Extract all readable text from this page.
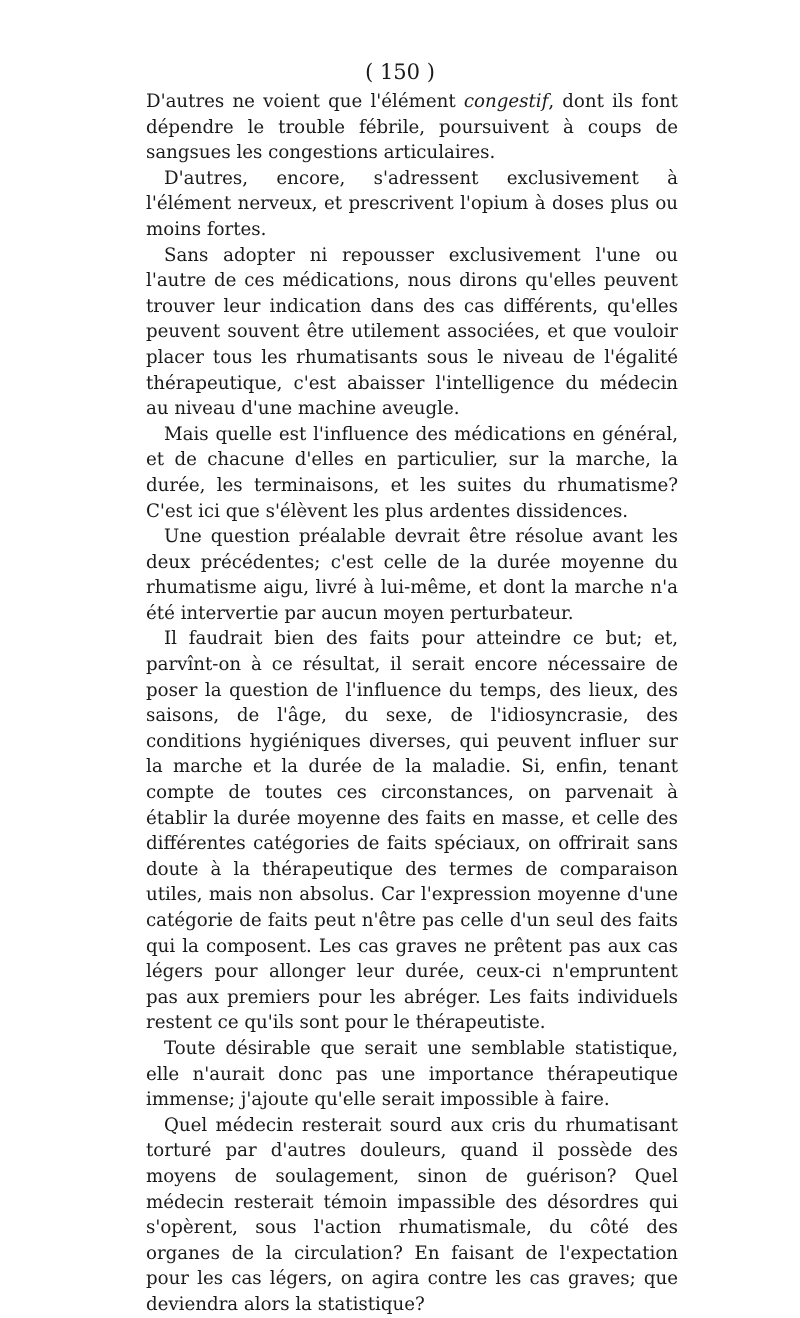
( 150 )

D'autres ne voient que l'élément congestif, dont ils font dépendre le trouble fébrile, poursuivent à coups de sangsues les congestions articulaires.

D'autres, encore, s'adressent exclusivement à l'élément nerveux, et prescrivent l'opium à doses plus ou moins fortes.

Sans adopter ni repousser exclusivement l'une ou l'autre de ces médications, nous dirons qu'elles peuvent trouver leur indication dans des cas différents, qu'elles peuvent souvent être utilement associées, et que vouloir placer tous les rhumatisants sous le niveau de l'égalité thérapeutique, c'est abaisser l'intelligence du médecin au niveau d'une machine aveugle.

Mais quelle est l'influence des médications en général, et de chacune d'elles en particulier, sur la marche, la durée, les terminaisons, et les suites du rhumatisme? C'est ici que s'élèvent les plus ardentes dissidences.

Une question préalable devrait être résolue avant les deux précédentes; c'est celle de la durée moyenne du rhumatisme aigu, livré à lui-même, et dont la marche n'a été intervertie par aucun moyen perturbateur.

Il faudrait bien des faits pour atteindre ce but; et, parvînt-on à ce résultat, il serait encore nécessaire de poser la question de l'influence du temps, des lieux, des saisons, de l'âge, du sexe, de l'idiosyncrasie, des conditions hygiéniques diverses, qui peuvent influer sur la marche et la durée de la maladie. Si, enfin, tenant compte de toutes ces circonstances, on parvenait à établir la durée moyenne des faits en masse, et celle des différentes catégories de faits spéciaux, on offrirait sans doute à la thérapeutique des termes de comparaison utiles, mais non absolus. Car l'expression moyenne d'une catégorie de faits peut n'être pas celle d'un seul des faits qui la composent. Les cas graves ne prêtent pas aux cas légers pour allonger leur durée, ceux-ci n'empruntent pas aux premiers pour les abréger. Les faits individuels restent ce qu'ils sont pour le thérapeutiste.

Toute désirable que serait une semblable statistique, elle n'aurait donc pas une importance thérapeutique immense; j'ajoute qu'elle serait impossible à faire.

Quel médecin resterait sourd aux cris du rhumatisant torturé par d'autres douleurs, quand il possède des moyens de soulagement, sinon de guérison? Quel médecin resterait témoin impassible des désordres qui s'opèrent, sous l'action rhumatismale, du côté des organes de la circulation? En faisant de l'expectation pour les cas légers, on agira contre les cas graves; que deviendra alors la statistique?
